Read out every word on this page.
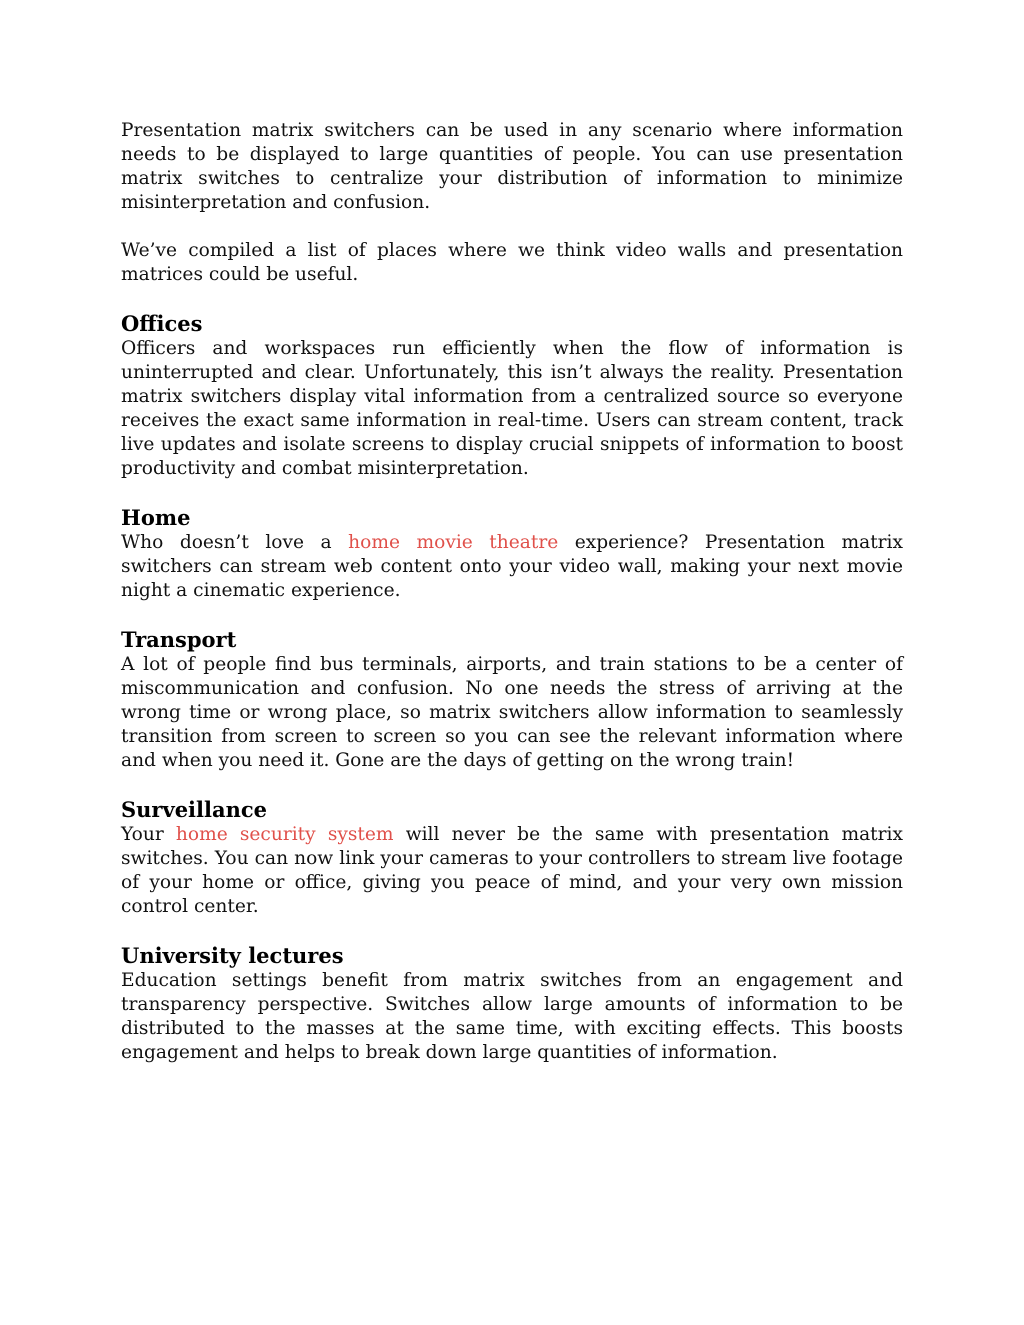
Presentation matrix switchers can be used in any scenario where information needs to be displayed to large quantities of people. You can use presentation matrix switches to centralize your distribution of information to minimize misinterpretation and confusion.

We’ve compiled a list of places where we think video walls and presentation matrices could be useful.

Offices

Officers and workspaces run efficiently when the flow of information is uninterrupted and clear. Unfortunately, this isn’t always the reality. Presentation matrix switchers display vital information from a centralized source so everyone receives the exact same information in real-time. Users can stream content, track live updates and isolate screens to display crucial snippets of information to boost productivity and combat misinterpretation.

Home

Who doesn’t love a home movie theatre experience? Presentation matrix switchers can stream web content onto your video wall, making your next movie night a cinematic experience.

Transport

A lot of people find bus terminals, airports, and train stations to be a center of miscommunication and confusion. No one needs the stress of arriving at the wrong time or wrong place, so matrix switchers allow information to seamlessly transition from screen to screen so you can see the relevant information where and when you need it. Gone are the days of getting on the wrong train!

Surveillance

Your home security system will never be the same with presentation matrix switches. You can now link your cameras to your controllers to stream live footage of your home or office, giving you peace of mind, and your very own mission control center.

University lectures

Education settings benefit from matrix switches from an engagement and transparency perspective. Switches allow large amounts of information to be distributed to the masses at the same time, with exciting effects. This boosts engagement and helps to break down large quantities of information.
